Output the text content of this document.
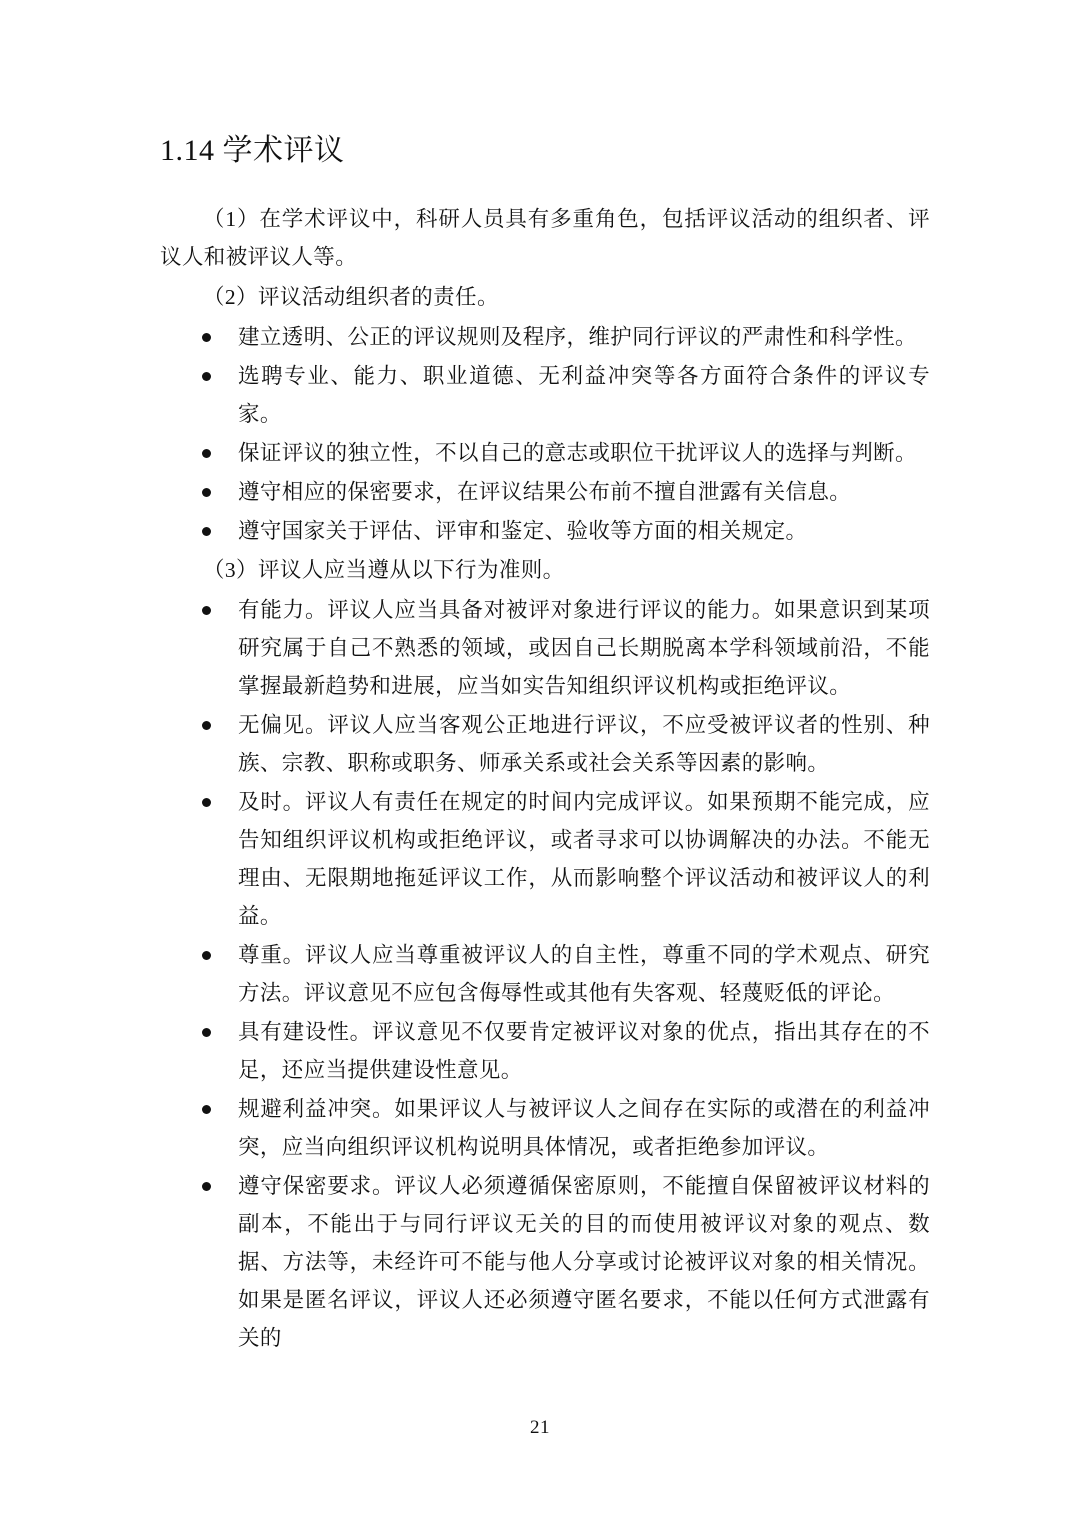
1.14 学术评议

（1）在学术评议中，科研人员具有多重角色，包括评议活动的组织者、评议人和被评议人等。

（2）评议活动组织者的责任。

建立透明、公正的评议规则及程序，维护同行评议的严肃性和科学性。
选聘专业、能力、职业道德、无利益冲突等各方面符合条件的评议专家。
保证评议的独立性，不以自己的意志或职位干扰评议人的选择与判断。
遵守相应的保密要求，在评议结果公布前不擅自泄露有关信息。
遵守国家关于评估、评审和鉴定、验收等方面的相关规定。

（3）评议人应当遵从以下行为准则。

有能力。评议人应当具备对被评对象进行评议的能力。如果意识到某项研究属于自己不熟悉的领域，或因自己长期脱离本学科领域前沿，不能掌握最新趋势和进展，应当如实告知组织评议机构或拒绝评议。
无偏见。评议人应当客观公正地进行评议，不应受被评议者的性别、种族、宗教、职称或职务、师承关系或社会关系等因素的影响。
及时。评议人有责任在规定的时间内完成评议。如果预期不能完成，应告知组织评议机构或拒绝评议，或者寻求可以协调解决的办法。不能无理由、无限期地拖延评议工作，从而影响整个评议活动和被评议人的利益。
尊重。评议人应当尊重被评议人的自主性，尊重不同的学术观点、研究方法。评议意见不应包含侮辱性或其他有失客观、轻蔑贬低的评论。
具有建设性。评议意见不仅要肯定被评议对象的优点，指出其存在的不足，还应当提供建设性意见。
规避利益冲突。如果评议人与被评议人之间存在实际的或潜在的利益冲突，应当向组织评议机构说明具体情况，或者拒绝参加评议。
遵守保密要求。评议人必须遵循保密原则，不能擅自保留被评议材料的副本，不能出于与同行评议无关的目的而使用被评议对象的观点、数据、方法等，未经许可不能与他人分享或讨论被评议对象的相关情况。如果是匿名评议，评议人还必须遵守匿名要求，不能以任何方式泄露有关的
21
